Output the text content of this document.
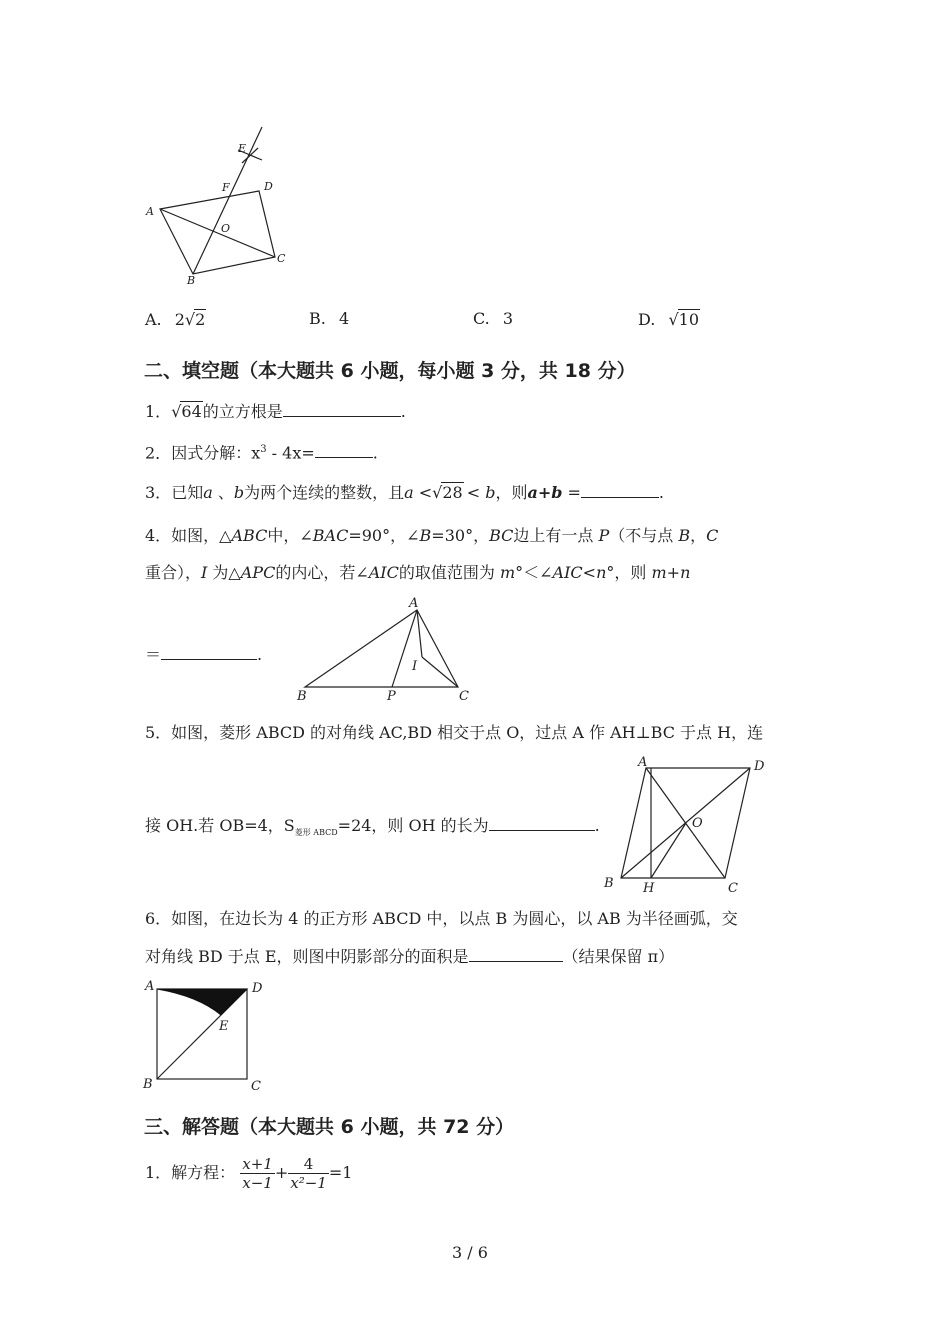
E
F	D
A
O
C
B
A. 2√2	B. 4	C. 3	D. √10
二、填空题（本大题共 6 小题，每小题 3 分，共 18 分）
1．√64的立方根是	.
2．因式分解：$x^3 - 4x=$	.
3．已知a 、b为两个连续的整数，且a <√28 < b，则a+b =	.
4．如图，△ABC中，∠BAC=90°，∠B=30°，BC边上有一点 P（不与点 B，C
重合），I 为△APC的内心，若∠AIC的取值范围为 m°＜∠AIC<n°，则 m+n
＝	.
A
I
B	P	C
5．如图，菱形 ABCD 的对角线 AC,BD 相交于点 O，过点 A 作 AH⊥BC 于点 H，连
接 OH.若 OB=4，$S_{菱形 ABCD}=24$，则 OH 的长为	.
A	D
O
B H	C
6．如图，在边长为 4 的正方形 ABCD 中，以点 B 为圆心，以 AB 为半径画弧，交
对角线 BD 于点 E，则图中阴影部分的面积是	（结果保留 π）
A	D
E
B	C
三、解答题（本大题共 6 小题，共 72 分）
1．解方程： $\frac{x+1}{x-1} + \frac{4}{\text{x²−1}} =1$
3 / 6
